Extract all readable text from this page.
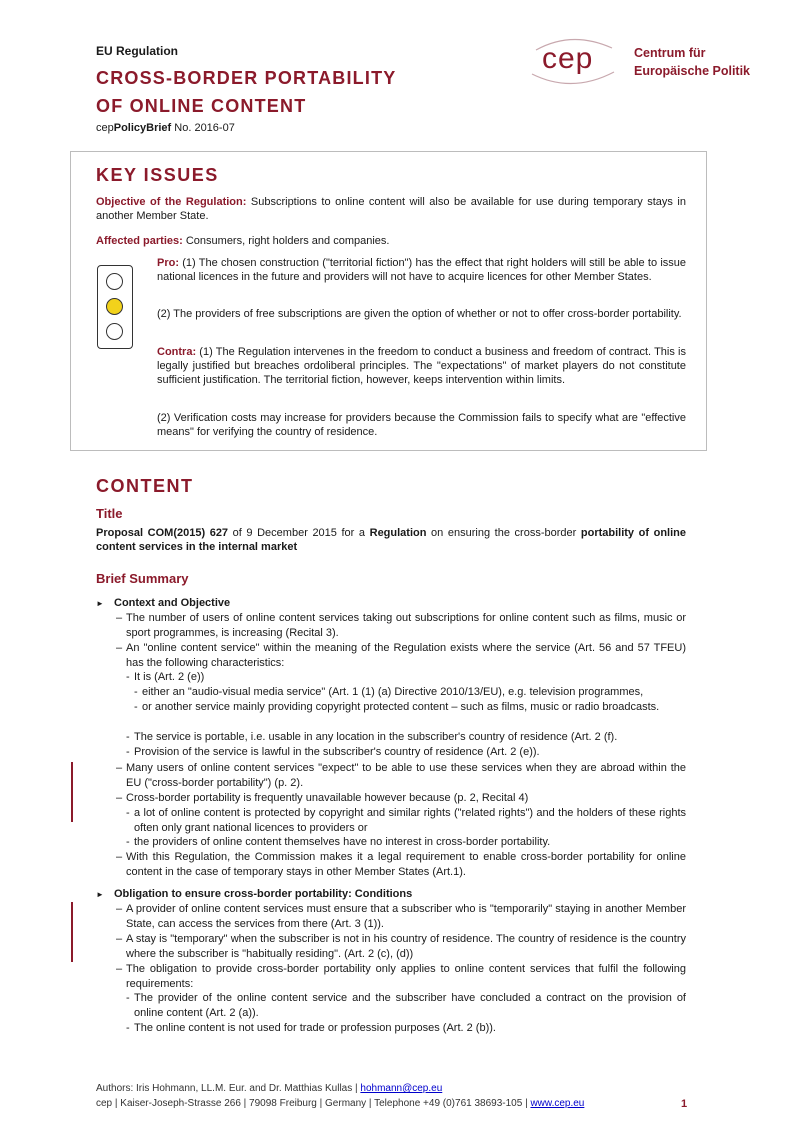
EU Regulation
CROSS-BORDER PORTABILITY
OF ONLINE CONTENT
cepPolicyBrief No. 2016-07
cep	Centrum für
Europäische Politik
KEY ISSUES
Objective of the Regulation: Subscriptions to online content will also be available for use during temporary stays in another Member State.
Affected parties: Consumers, right holders and companies.
Pro: (1) The chosen construction ("territorial fiction") has the effect that right holders will still be able to issue national licences in the future and providers will not have to acquire licences for other Member States.
(2) The providers of free subscriptions are given the option of whether or not to offer cross-border portability.
Contra: (1) The Regulation intervenes in the freedom to conduct a business and freedom of contract. This is legally justified but breaches ordoliberal principles. The "expectations" of market players do not constitute sufficient justification. The territorial fiction, however, keeps intervention within limits.
(2) Verification costs may increase for providers because the Commission fails to specify what are "effective means" for verifying the country of residence.
CONTENT
Title
Proposal COM(2015) 627 of 9 December 2015 for a Regulation on ensuring the cross-border portability of online content services in the internal market
Brief Summary
► Context and Objective
– The number of users of online content services taking out subscriptions for online content such as films, music or sport programmes, is increasing (Recital 3).
– An "online content service" within the meaning of the Regulation exists where the service (Art. 56 and 57 TFEU) has the following characteristics:
- It is (Art. 2 (e))
- either an "audio-visual media service" (Art. 1 (1) (a) Directive 2010/13/EU), e.g. television programmes,
- or another service mainly providing copyright protected content – such as films, music or radio broadcasts.
- The service is portable, i.e. usable in any location in the subscriber's country of residence (Art. 2 (f).
- Provision of the service is lawful in the subscriber's country of residence (Art. 2 (e)).
– Many users of online content services "expect" to be able to use these services when they are abroad within the EU ("cross-border portability") (p. 2).
– Cross-border portability is frequently unavailable however because (p. 2, Recital 4)
- a lot of online content is protected by copyright and similar rights ("related rights") and the holders of these rights often only grant national licences to providers or
- the providers of online content themselves have no interest in cross-border portability.
– With this Regulation, the Commission makes it a legal requirement to enable cross-border portability for online content in the case of temporary stays in other Member States (Art.1).
► Obligation to ensure cross-border portability: Conditions
– A provider of online content services must ensure that a subscriber who is "temporarily" staying in another Member State, can access the services from there (Art. 3 (1)).
– A stay is "temporary" when the subscriber is not in his country of residence. The country of residence is the country where the subscriber is "habitually residing". (Art. 2 (c), (d))
– The obligation to provide cross-border portability only applies to online content services that fulfil the following requirements:
- The provider of the online content service and the subscriber have concluded a contract on the provision of online content (Art. 2 (a)).
- The online content is not used for trade or profession purposes (Art. 2 (b)).
Authors: Iris Hohmann, LL.M. Eur. and Dr. Matthias Kullas | hohmann@cep.eu
cep | Kaiser-Joseph-Strasse 266 | 79098 Freiburg | Germany | Telephone +49 (0)761 38693-105 | www.cep.eu	1
